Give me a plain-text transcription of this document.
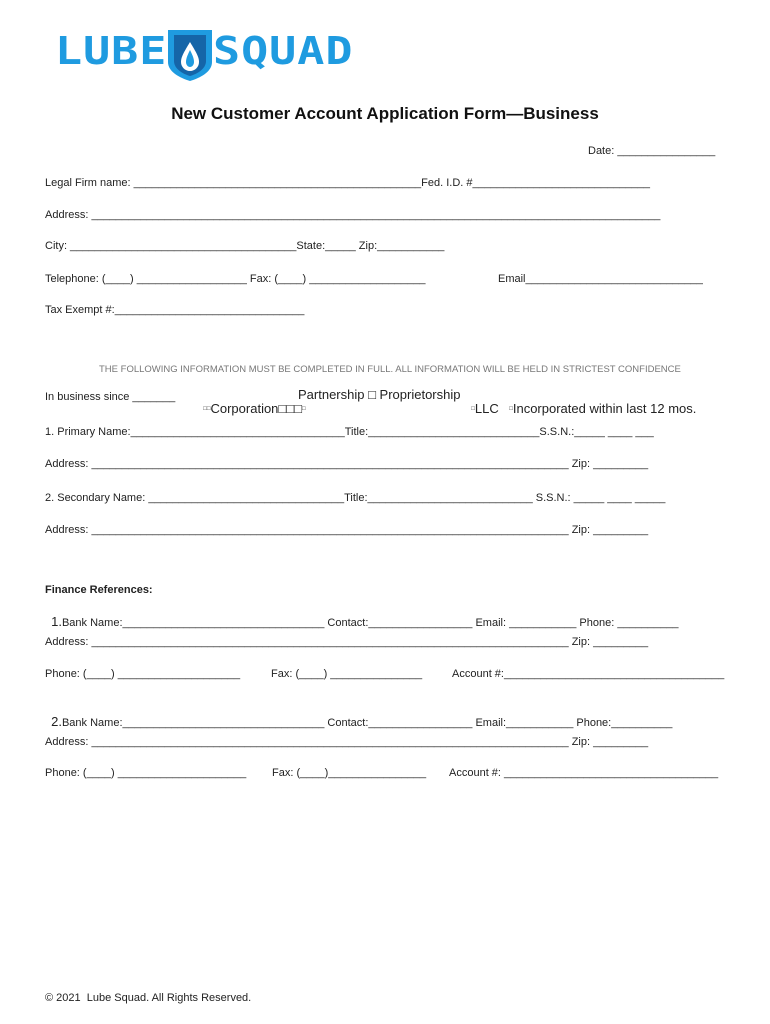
LUBE SQUAD
New Customer Account Application Form—Business
Date: ________________
Legal Firm name: _______________________________________________Fed. I.D. #_____________________________
Address: _____________________________________________________________________________________________
City: _____________________________________State:_____ Zip:___________
Telephone: (____) __________________ Fax: (____) ___________________	Email_____________________________
Tax Exempt #:_______________________________
THE FOLLOWING INFORMATION MUST BE COMPLETED IN FULL. ALL INFORMATION WILL BE HELD IN STRICTEST CONFIDENCE
In business since _______

□□Corporation□□□□

Partnership □ Proprietorship

□LLC	□Incorporated within last 12 mos.

1. Primary Name:___________________________________Title:____________________________S.S.N.:_____ ____ ___
Address: ______________________________________________________________________________ Zip: _________
2. Secondary Name: ________________________________Title:___________________________ S.S.N.: _____ ____ _____
Address: ______________________________________________________________________________ Zip: _________
Finance References:

1.Bank Name:_________________________________ Contact:_________________ Email: ___________ Phone: __________

Address: ______________________________________________________________________________ Zip: _________
Phone: (____) ____________________	Fax: (____) _______________	Account #:____________________________________

2.Bank Name:_________________________________ Contact:_________________ Email:___________ Phone:__________

Address: ______________________________________________________________________________ Zip: _________
Phone: (____) _____________________ Fax: (____)________________ Account #: ___________________________________
© 2021  Lube Squad. All Rights Reserved.
